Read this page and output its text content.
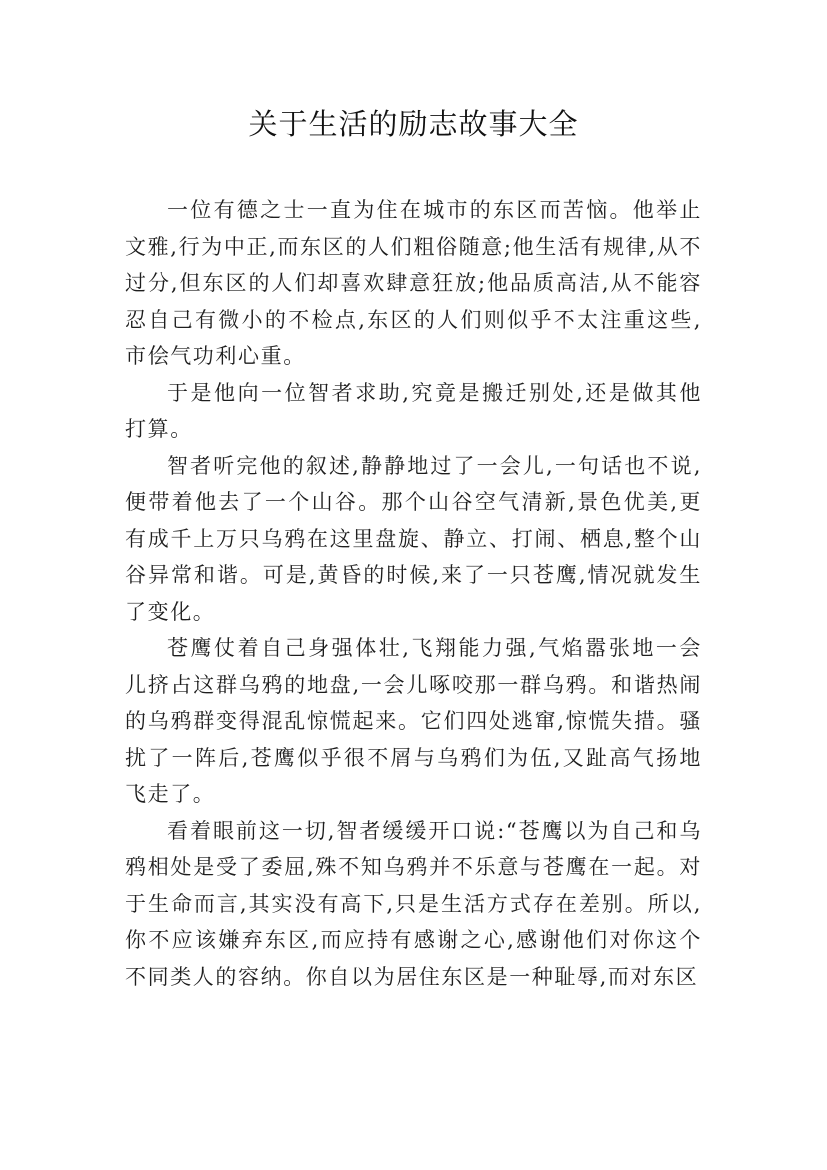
关于生活的励志故事大全

一位有德之士一直为住在城市的东区而苦恼。他举止文雅,行为中正,而东区的人们粗俗随意;他生活有规律,从不过分,但东区的人们却喜欢肆意狂放;他品质高洁,从不能容忍自己有微小的不检点,东区的人们则似乎不太注重这些,市侩气功利心重。

于是他向一位智者求助,究竟是搬迁别处,还是做其他打算。

智者听完他的叙述,静静地过了一会儿,一句话也不说,便带着他去了一个山谷。那个山谷空气清新,景色优美,更有成千上万只乌鸦在这里盘旋、静立、打闹、栖息,整个山谷异常和谐。可是,黄昏的时候,来了一只苍鹰,情况就发生了变化。

苍鹰仗着自己身强体壮,飞翔能力强,气焰嚣张地一会儿挤占这群乌鸦的地盘,一会儿啄咬那一群乌鸦。和谐热闹的乌鸦群变得混乱惊慌起来。它们四处逃窜,惊慌失措。骚扰了一阵后,苍鹰似乎很不屑与乌鸦们为伍,又趾高气扬地飞走了。

看着眼前这一切,智者缓缓开口说:“苍鹰以为自己和乌鸦相处是受了委屈,殊不知乌鸦并不乐意与苍鹰在一起。对于生命而言,其实没有高下,只是生活方式存在差别。所以,你不应该嫌弃东区,而应持有感谢之心,感谢他们对你这个不同类人的容纳。你自以为居住东区是一种耻辱,而对东区
